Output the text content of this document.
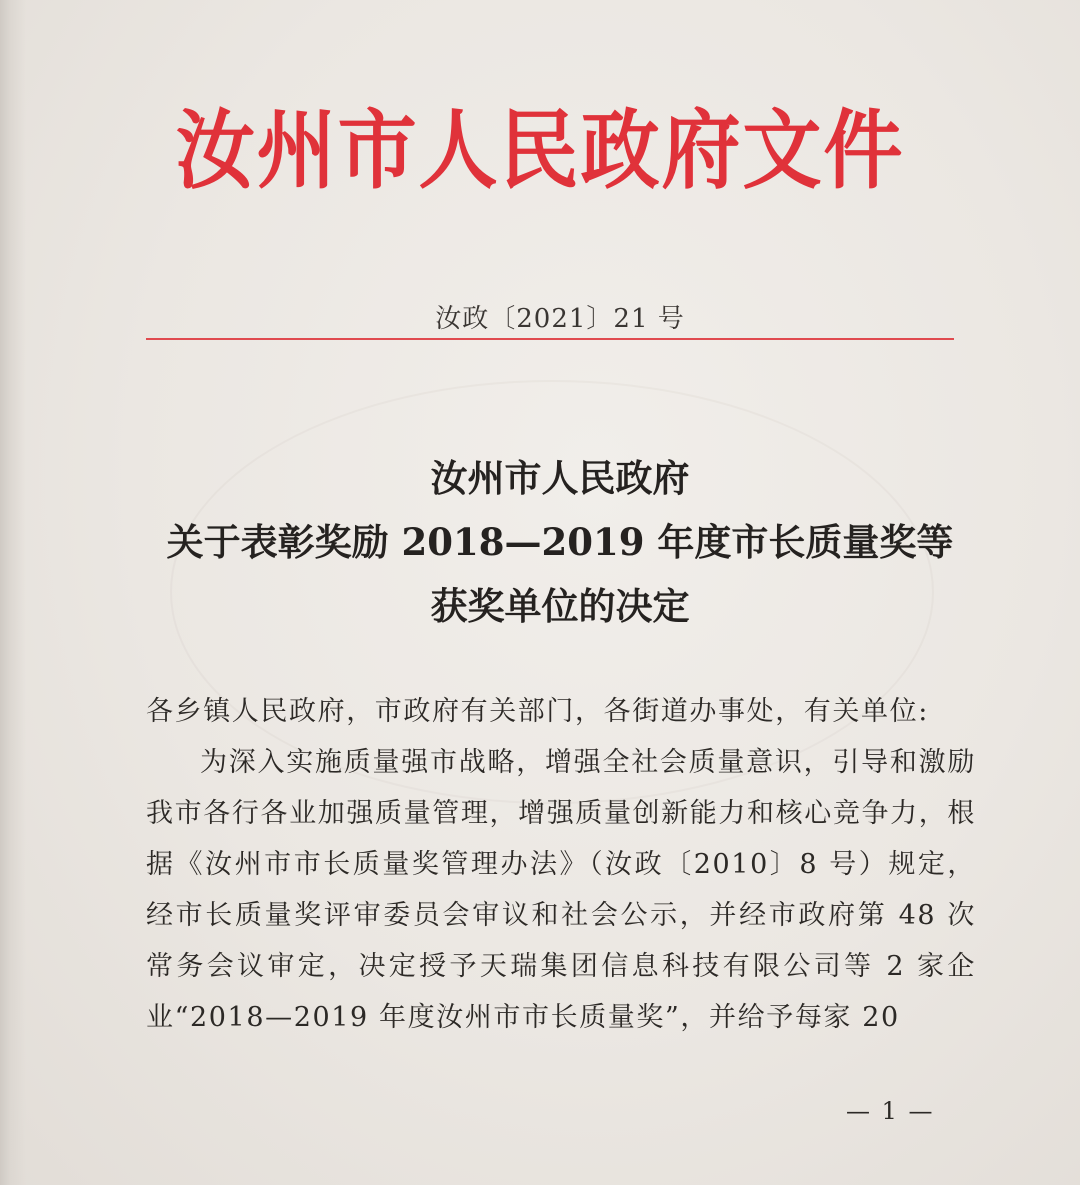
汝州市人民政府文件
汝政〔2021〕21 号
汝州市人民政府
关于表彰奖励 2018—2019 年度市长质量奖等
获奖单位的决定
各乡镇人民政府，市政府有关部门，各街道办事处，有关单位:
为深入实施质量强市战略，增强全社会质量意识，引导和激励我市各行各业加强质量管理，增强质量创新能力和核心竞争力，根据《汝州市市长质量奖管理办法》（汝政〔2010〕8 号）规定，经市长质量奖评审委员会审议和社会公示，并经市政府第 48 次常务会议审定，决定授予天瑞集团信息科技有限公司等 2 家企业“2018—2019 年度汝州市市长质量奖”，并给予每家 20
— 1 —
